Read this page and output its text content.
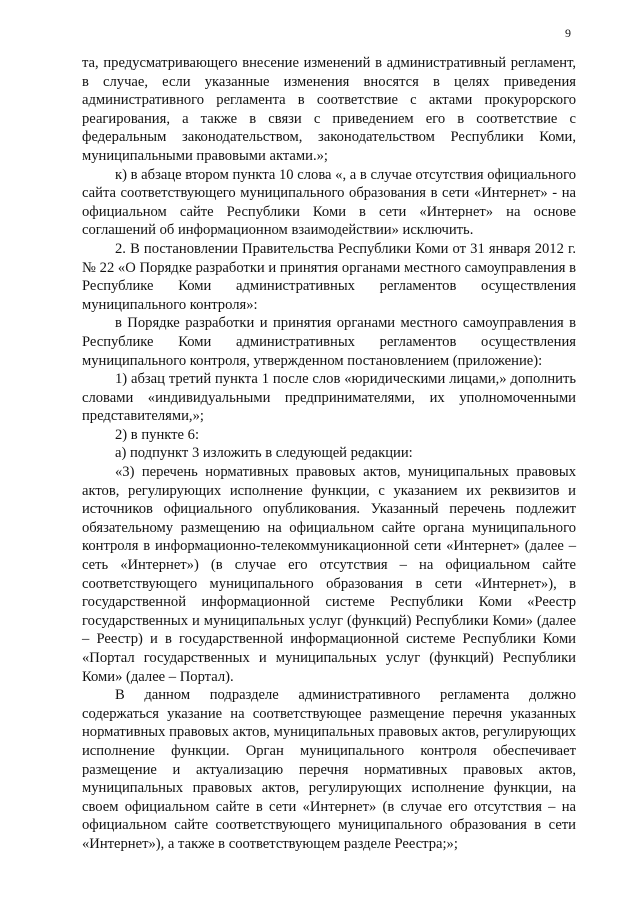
9

та, предусматривающего внесение изменений в административный регламент, в случае, если указанные изменения вносятся в целях приведения административного регламента в соответствие с актами прокурорского реагирования, а также в связи с приведением его в соответствие с федеральным законодательством, законодательством Республики Коми, муниципальными правовыми актами.»;

к) в абзаце втором пункта 10 слова «, а в случае отсутствия официального сайта соответствующего муниципального образования в сети «Интернет» - на официальном сайте Республики Коми в сети «Интернет» на основе соглашений об информационном взаимодействии» исключить.

2. В постановлении Правительства Республики Коми от 31 января 2012 г. № 22 «О Порядке разработки и принятия органами местного самоуправления в Республике Коми административных регламентов осуществления муниципального контроля»:

в Порядке разработки и принятия органами местного самоуправления в Республике Коми административных регламентов осуществления муниципального контроля, утвержденном постановлением (приложение):

1) абзац третий пункта 1 после слов «юридическими лицами,» дополнить словами «индивидуальными предпринимателями, их уполномоченными представителями,»;

2) в пункте 6:

а) подпункт 3 изложить в следующей редакции:

«3) перечень нормативных правовых актов, муниципальных правовых актов, регулирующих исполнение функции, с указанием их реквизитов и источников официального опубликования. Указанный перечень подлежит обязательному размещению на официальном сайте органа муниципального контроля в информационно-телекоммуникационной сети «Интернет» (далее – сеть «Интернет») (в случае его отсутствия – на официальном сайте соответствующего муниципального образования в сети «Интернет»), в государственной информационной системе Республики Коми «Реестр государственных и муниципальных услуг (функций) Республики Коми» (далее – Реестр) и в государственной информационной системе Республики Коми «Портал государственных и муниципальных услуг (функций) Республики Коми» (далее – Портал).

В данном подразделе административного регламента должно содержаться указание на соответствующее размещение перечня указанных нормативных правовых актов, муниципальных правовых актов, регулирующих исполнение функции. Орган муниципального контроля обеспечивает размещение и актуализацию перечня нормативных правовых актов, муниципальных правовых актов, регулирующих исполнение функции, на своем официальном сайте в сети «Интернет» (в случае его отсутствия – на официальном сайте соответствующего муниципального образования в сети «Интернет»), а также в соответствующем разделе Реестра;»;
